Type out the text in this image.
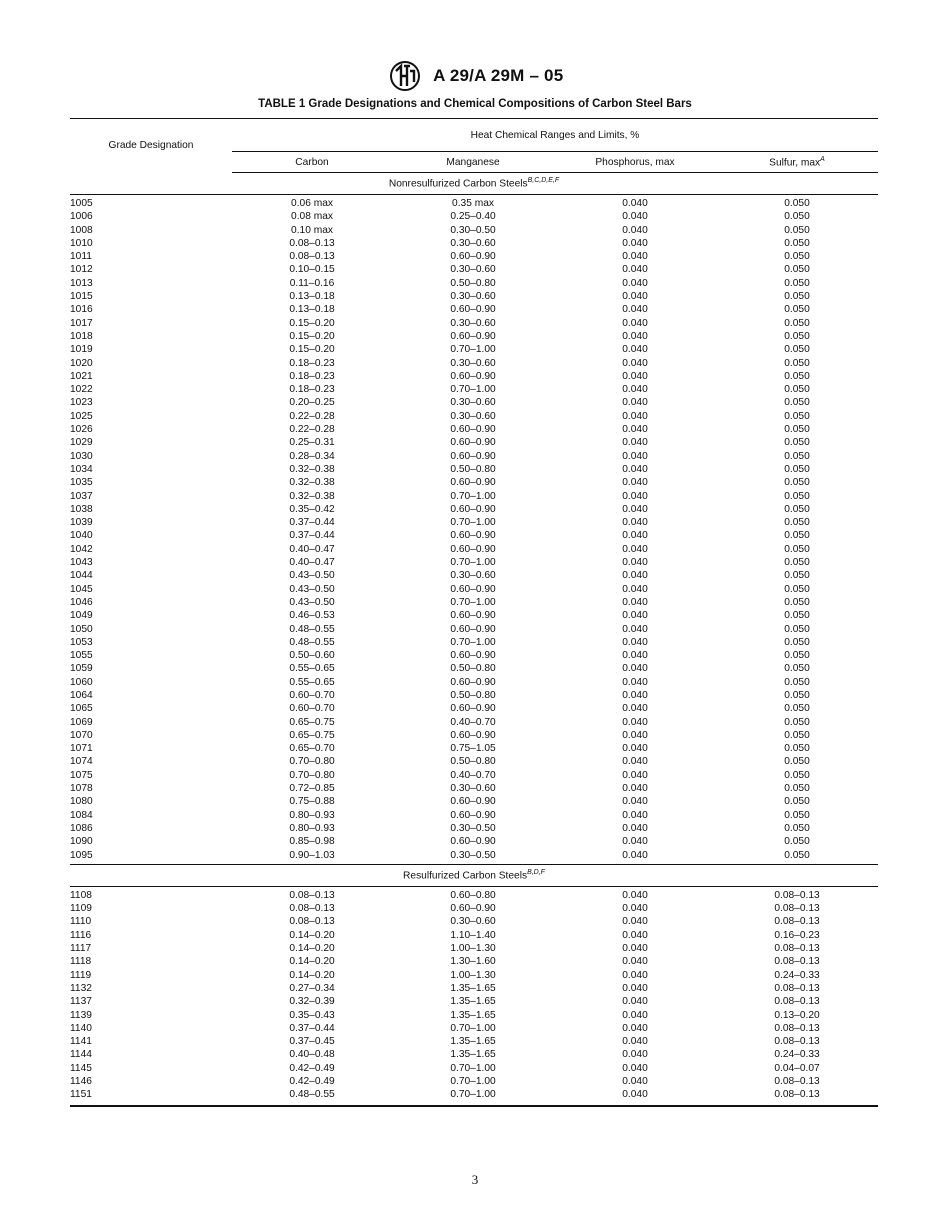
A 29/A 29M – 05
TABLE 1 Grade Designations and Chemical Compositions of Carbon Steel Bars
Grade Designation	Heat Chemical Ranges and Limits, %			
	Carbon	Manganese	Phosphorus, max	Sulfur, $\max^A$
Nonresulfurized Carbon Steels$^{B,C,D,E,F}$

1005	0.06 max	0.35 max	0.040	0.050
1006	0.08 max	0.25–0.40	0.040	0.050
1008	0.10 max	0.30–0.50	0.040	0.050
1010	0.08–0.13	0.30–0.60	0.040	0.050
1011	0.08–0.13	0.60–0.90	0.040	0.050
1012	0.10–0.15	0.30–0.60	0.040	0.050
1013	0.11–0.16	0.50–0.80	0.040	0.050
1015	0.13–0.18	0.30–0.60	0.040	0.050
1016	0.13–0.18	0.60–0.90	0.040	0.050
1017	0.15–0.20	0.30–0.60	0.040	0.050
1018	0.15–0.20	0.60–0.90	0.040	0.050
1019	0.15–0.20	0.70–1.00	0.040	0.050
1020	0.18–0.23	0.30–0.60	0.040	0.050
1021	0.18–0.23	0.60–0.90	0.040	0.050
1022	0.18–0.23	0.70–1.00	0.040	0.050
1023	0.20–0.25	0.30–0.60	0.040	0.050
1025	0.22–0.28	0.30–0.60	0.040	0.050
1026	0.22–0.28	0.60–0.90	0.040	0.050
1029	0.25–0.31	0.60–0.90	0.040	0.050
1030	0.28–0.34	0.60–0.90	0.040	0.050
1034	0.32–0.38	0.50–0.80	0.040	0.050
1035	0.32–0.38	0.60–0.90	0.040	0.050
1037	0.32–0.38	0.70–1.00	0.040	0.050
1038	0.35–0.42	0.60–0.90	0.040	0.050
1039	0.37–0.44	0.70–1.00	0.040	0.050
1040	0.37–0.44	0.60–0.90	0.040	0.050
1042	0.40–0.47	0.60–0.90	0.040	0.050
1043	0.40–0.47	0.70–1.00	0.040	0.050
1044	0.43–0.50	0.30–0.60	0.040	0.050
1045	0.43–0.50	0.60–0.90	0.040	0.050
1046	0.43–0.50	0.70–1.00	0.040	0.050
1049	0.46–0.53	0.60–0.90	0.040	0.050
1050	0.48–0.55	0.60–0.90	0.040	0.050
1053	0.48–0.55	0.70–1.00	0.040	0.050
1055	0.50–0.60	0.60–0.90	0.040	0.050
1059	0.55–0.65	0.50–0.80	0.040	0.050
1060	0.55–0.65	0.60–0.90	0.040	0.050
1064	0.60–0.70	0.50–0.80	0.040	0.050
1065	0.60–0.70	0.60–0.90	0.040	0.050
1069	0.65–0.75	0.40–0.70	0.040	0.050
1070	0.65–0.75	0.60–0.90	0.040	0.050
1071	0.65–0.70	0.75–1.05	0.040	0.050
1074	0.70–0.80	0.50–0.80	0.040	0.050
1075	0.70–0.80	0.40–0.70	0.040	0.050
1078	0.72–0.85	0.30–0.60	0.040	0.050
1080	0.75–0.88	0.60–0.90	0.040	0.050
1084	0.80–0.93	0.60–0.90	0.040	0.050
1086	0.80–0.93	0.30–0.50	0.040	0.050
1090	0.85–0.98	0.60–0.90	0.040	0.050
1095	0.90–1.03	0.30–0.50	0.040	0.050

Resulfurized Carbon Steels$^{B,D,F}$

1108	0.08–0.13	0.60–0.80	0.040	0.08–0.13
1109	0.08–0.13	0.60–0.90	0.040	0.08–0.13
1110	0.08–0.13	0.30–0.60	0.040	0.08–0.13
1116	0.14–0.20	1.10–1.40	0.040	0.16–0.23
1117	0.14–0.20	1.00–1.30	0.040	0.08–0.13
1118	0.14–0.20	1.30–1.60	0.040	0.08–0.13
1119	0.14–0.20	1.00–1.30	0.040	0.24–0.33
1132	0.27–0.34	1.35–1.65	0.040	0.08–0.13
1137	0.32–0.39	1.35–1.65	0.040	0.08–0.13
1139	0.35–0.43	1.35–1.65	0.040	0.13–0.20
1140	0.37–0.44	0.70–1.00	0.040	0.08–0.13
1141	0.37–0.45	1.35–1.65	0.040	0.08–0.13
1144	0.40–0.48	1.35–1.65	0.040	0.24–0.33
1145	0.42–0.49	0.70–1.00	0.040	0.04–0.07
1146	0.42–0.49	0.70–1.00	0.040	0.08–0.13
1151	0.48–0.55	0.70–1.00	0.040	0.08–0.13

3
